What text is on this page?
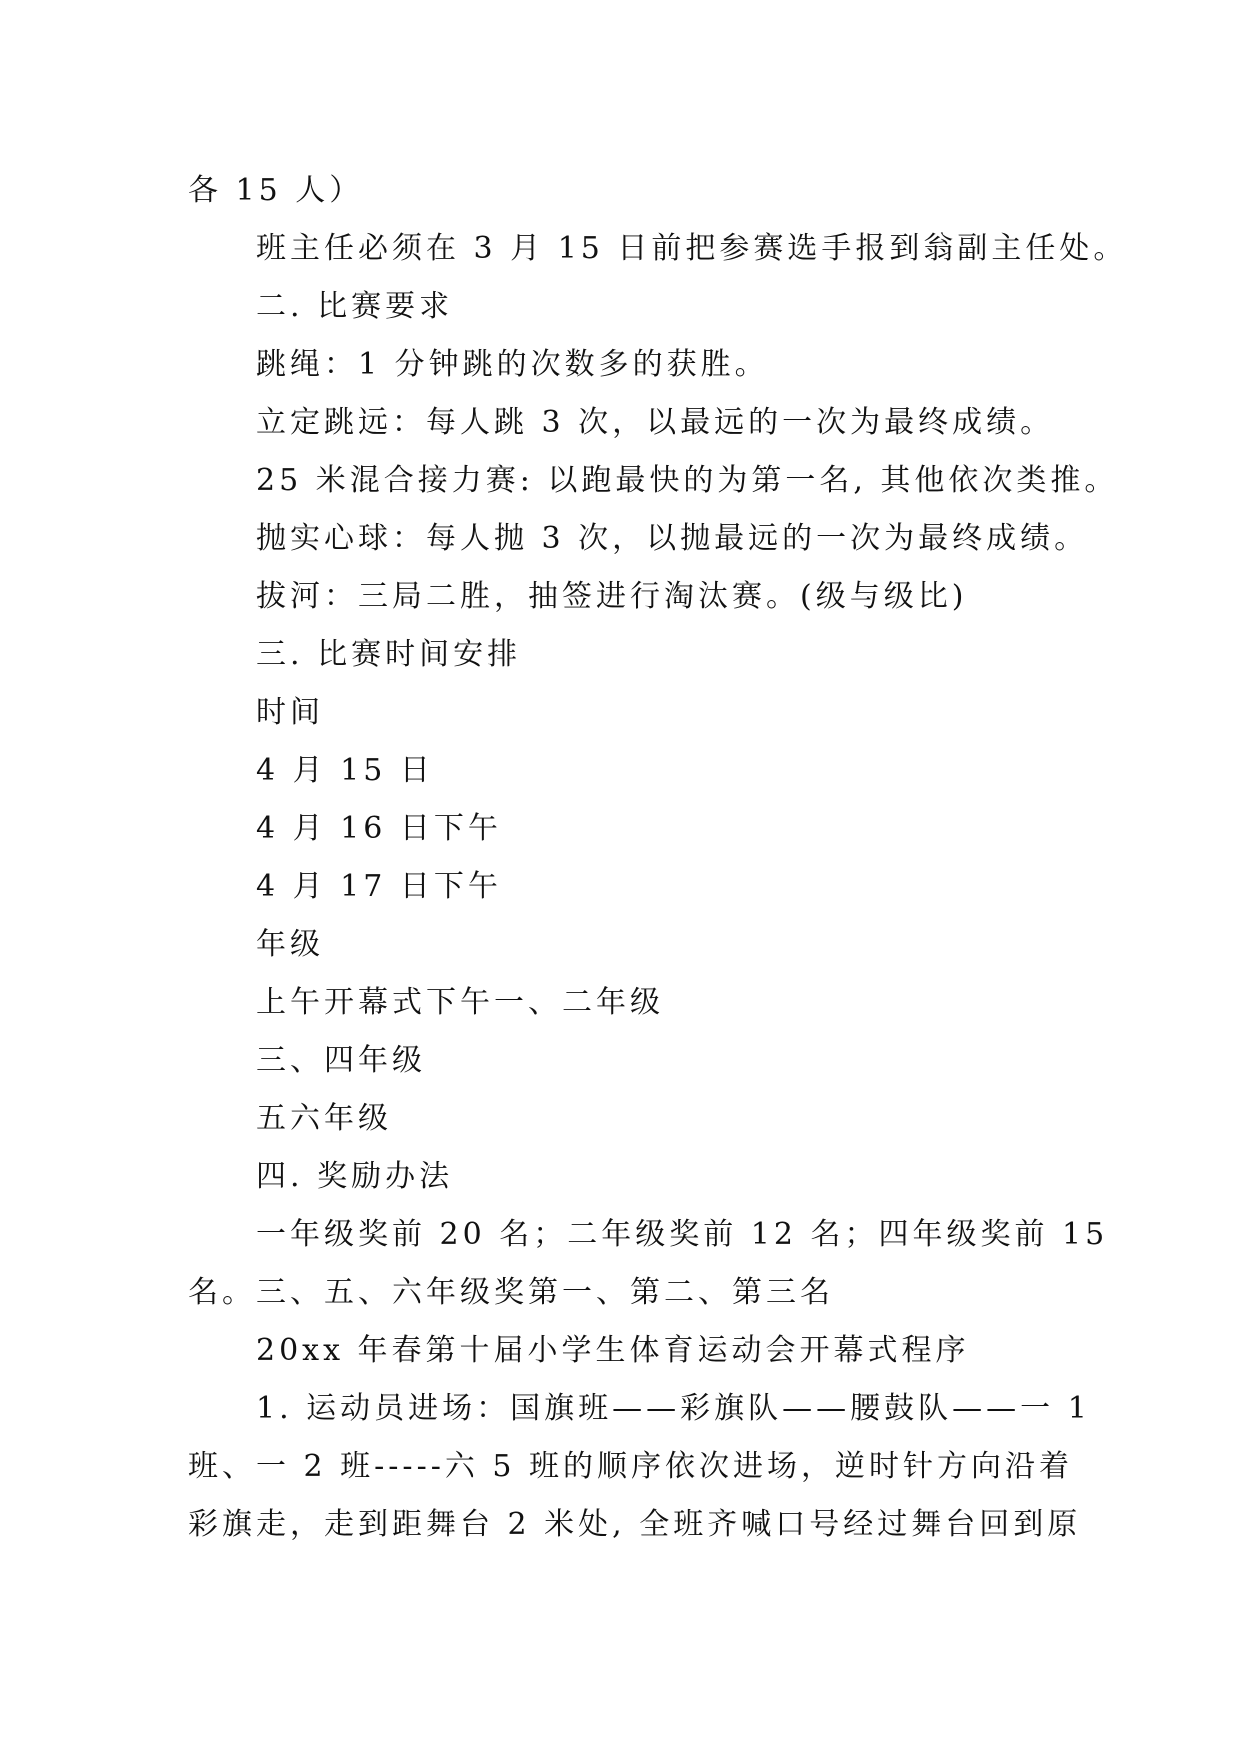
各 15 人）

班主任必须在 3 月 15 日前把参赛选手报到翁副主任处。

二. 比赛要求

跳绳：1 分钟跳的次数多的获胜。

立定跳远：每人跳 3 次，以最远的一次为最终成绩。

25 米混合接力赛: 以跑最快的为第一名, 其他依次类推。

抛实心球：每人抛 3 次，以抛最远的一次为最终成绩。

拔河：三局二胜，抽签进行淘汰赛。(级与级比)

三. 比赛时间安排

时间

4 月 15 日

4 月 16 日下午

4 月 17 日下午

年级

上午开幕式下午一、二年级

三、四年级

五六年级

四. 奖励办法

一年级奖前 20 名；二年级奖前 12 名；四年级奖前 15

名。三、五、六年级奖第一、第二、第三名

20xx 年春第十届小学生体育运动会开幕式程序

1. 运动员进场：国旗班——彩旗队——腰鼓队——一 1

班、一 2 班-----六 5 班的顺序依次进场，逆时针方向沿着

彩旗走，走到距舞台 2 米处, 全班齐喊口号经过舞台回到原
